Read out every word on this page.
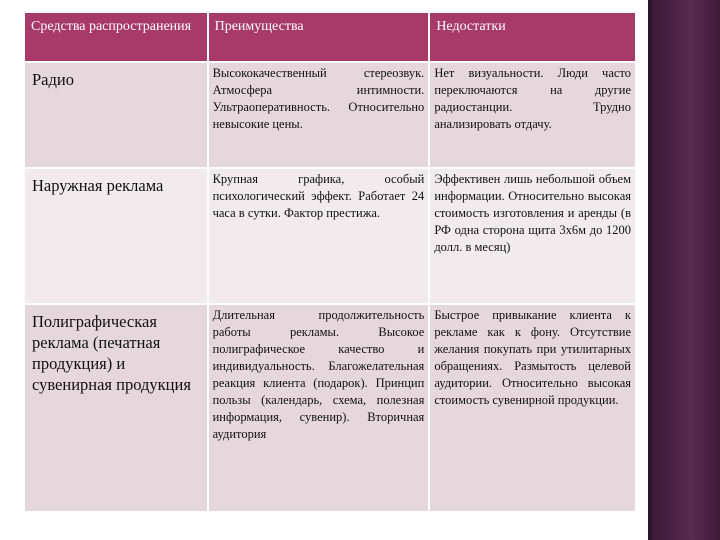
Средства распространения	Преимущества	Недостатки
Радио	Высококачественный стереозвук. Атмосфера интимности. Ультраоперативность. Относительно невысокие цены.	Нет визуальности. Люди часто переключаются на другие радиостанции. Трудно анализировать отдачу.
Наружная реклама	Крупная графика, особый психологический эффект. Работает 24 часа в сутки. Фактор престижа.	Эффективен лишь небольшой объем информации. Относительно высокая стоимость изготовления и аренды (в РФ одна сторона щита 3х6м до 1200 долл. в месяц)
Полиграфическая реклама (печатная продукция) и сувенирная продукция	Длительная продолжительность работы рекламы. Высокое полиграфическое качество и индивидуальность. Благожелательная реакция клиента (подарок). Принцип пользы (календарь, схема, полезная информация, сувенир). Вторичная аудитория	Быстрое привыкание клиента к рекламе как к фону. Отсутствие желания покупать при утилитарных обращениях. Размытость целевой аудитории. Относительно высокая стоимость сувенирной продукции.
